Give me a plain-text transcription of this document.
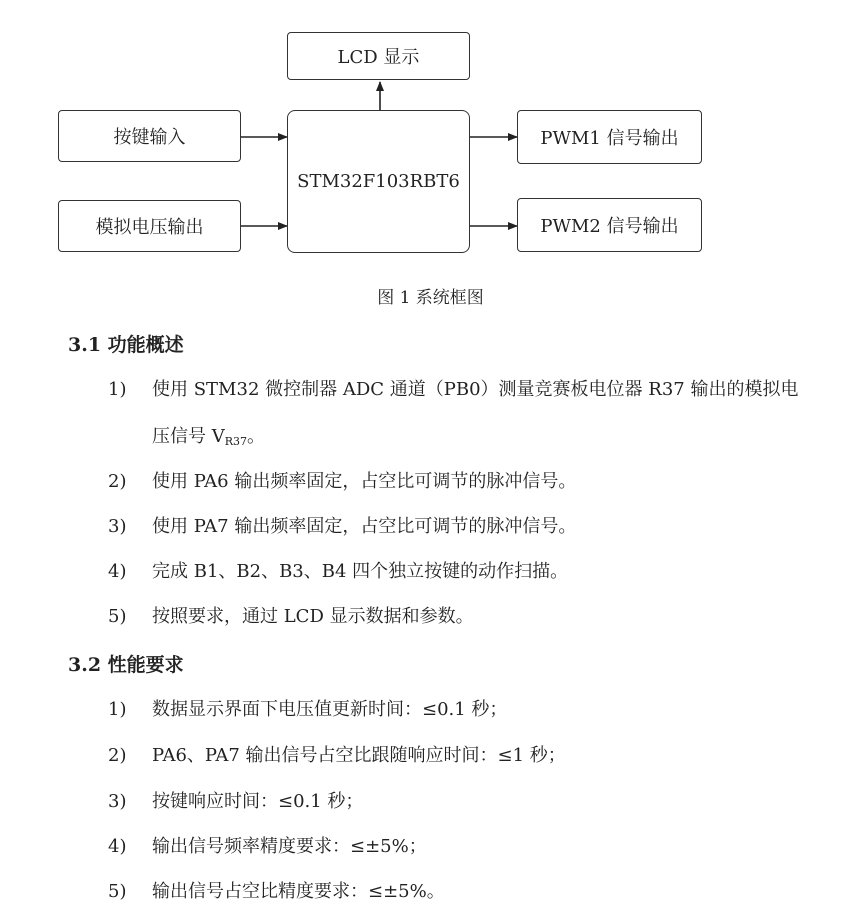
LCD 显示
按键输入
模拟电压输出
STM32F103RBT6
PWM1 信号输出
PWM2 信号输出
图 1 系统框图
3.1 功能概述
1) 使用 STM32 微控制器 ADC 通道（PB0）测量竞赛板电位器 R37 输出的模拟电
压信号 $V_{R37}$。
2) 使用 PA6 输出频率固定，占空比可调节的脉冲信号。
3) 使用 PA7 输出频率固定，占空比可调节的脉冲信号。
4) 完成 B1、B2、B3、B4 四个独立按键的动作扫描。
5) 按照要求，通过 LCD 显示数据和参数。
3.2 性能要求
1) 数据显示界面下电压值更新时间：≤0.1 秒；
2) PA6、PA7 输出信号占空比跟随响应时间：≤1 秒；
3) 按键响应时间：≤0.1 秒；
4) 输出信号频率精度要求：≤±5%；
5) 输出信号占空比精度要求：≤±5%。
